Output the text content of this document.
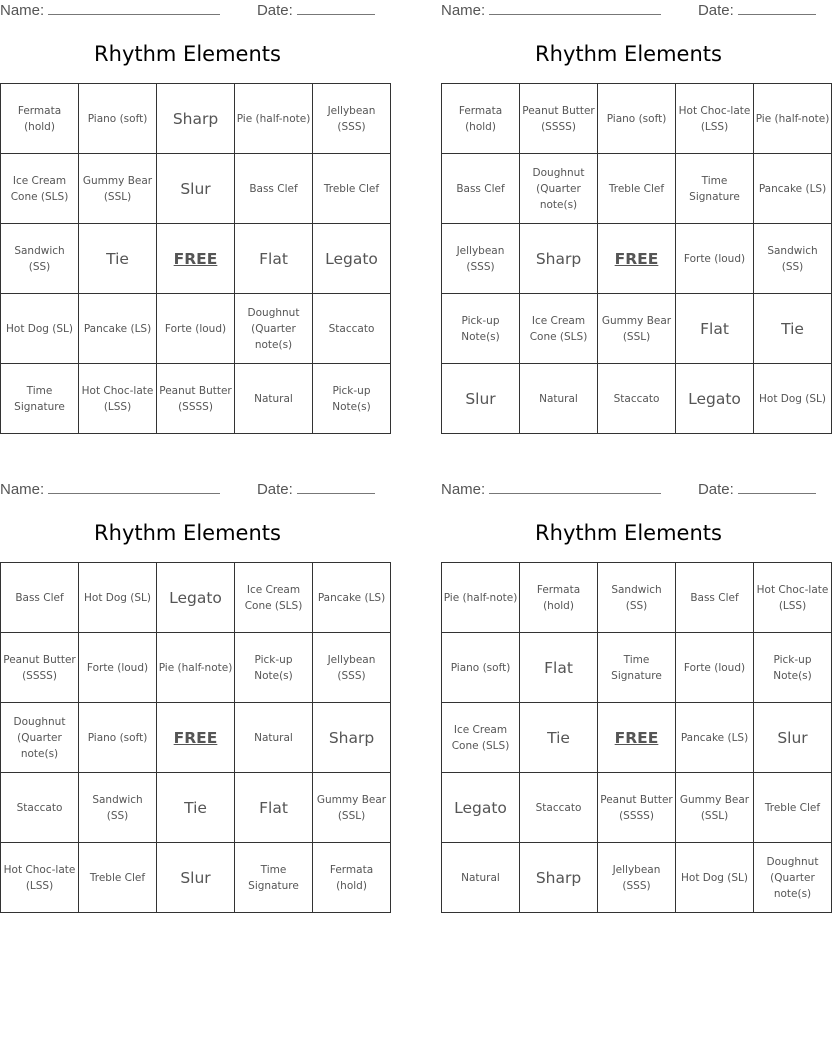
Name:	Date:
Rhythm Elements
Fermata (hold)	Piano (soft)	Sharp	Pie (half-note)	Jellybean (SSS)
Ice Cream Cone (SLS)	Gummy Bear (SSL)	Slur	Bass Clef	Treble Clef
Sandwich (SS)	Tie	FREE	Flat	Legato
Hot Dog (SL)	Pancake (LS)	Forte (loud)	Doughnut (Quarter note(s)	Staccato
Time Signature	Hot Choc-late (LSS)	Peanut Butter (SSSS)	Natural	Pick-up Note(s)
Name:	Date:
Rhythm Elements
Fermata (hold)	Peanut Butter (SSSS)	Piano (soft)	Hot Choc-late (LSS)	Pie (half-note)
Bass Clef	Doughnut (Quarter note(s)	Treble Clef	Time Signature	Pancake (LS)
Jellybean (SSS)	Sharp	FREE	Forte (loud)	Sandwich (SS)
Pick-up Note(s)	Ice Cream Cone (SLS)	Gummy Bear (SSL)	Flat	Tie
Slur	Natural	Staccato	Legato	Hot Dog (SL)
Name:	Date:
Rhythm Elements
Bass Clef	Hot Dog (SL)	Legato	Ice Cream Cone (SLS)	Pancake (LS)
Peanut Butter (SSSS)	Forte (loud)	Pie (half-note)	Pick-up Note(s)	Jellybean (SSS)
Doughnut (Quarter note(s)	Piano (soft)	FREE	Natural	Sharp
Staccato	Sandwich (SS)	Tie	Flat	Gummy Bear (SSL)
Hot Choc-late (LSS)	Treble Clef	Slur	Time Signature	Fermata (hold)
Name:	Date:
Rhythm Elements
Pie (half-note)	Fermata (hold)	Sandwich (SS)	Bass Clef	Hot Choc-late (LSS)
Piano (soft)	Flat	Time Signature	Forte (loud)	Pick-up Note(s)
Ice Cream Cone (SLS)	Tie	FREE	Pancake (LS)	Slur
Legato	Staccato	Peanut Butter (SSSS)	Gummy Bear (SSL)	Treble Clef
Natural	Sharp	Jellybean (SSS)	Hot Dog (SL)	Doughnut (Quarter note(s)
